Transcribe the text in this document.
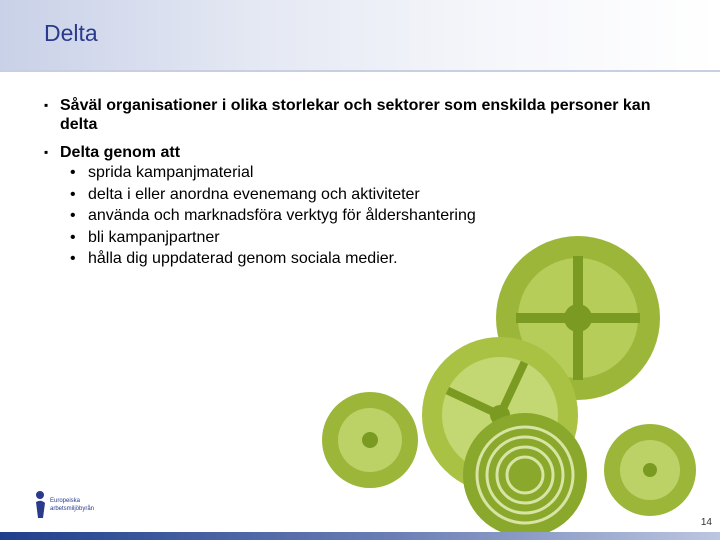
Delta
▪ Såväl organisationer i olika storlekar och sektorer som enskilda personer kan delta
▪ Delta genom att
• sprida kampanjmaterial
• delta i eller anordna evenemang och aktiviteter
• använda och marknadsföra verktyg för åldershantering
• bli kampanjpartner
• hålla dig uppdaterad genom sociala medier.
Europeiska
arbetsmiljöbyrån
14
